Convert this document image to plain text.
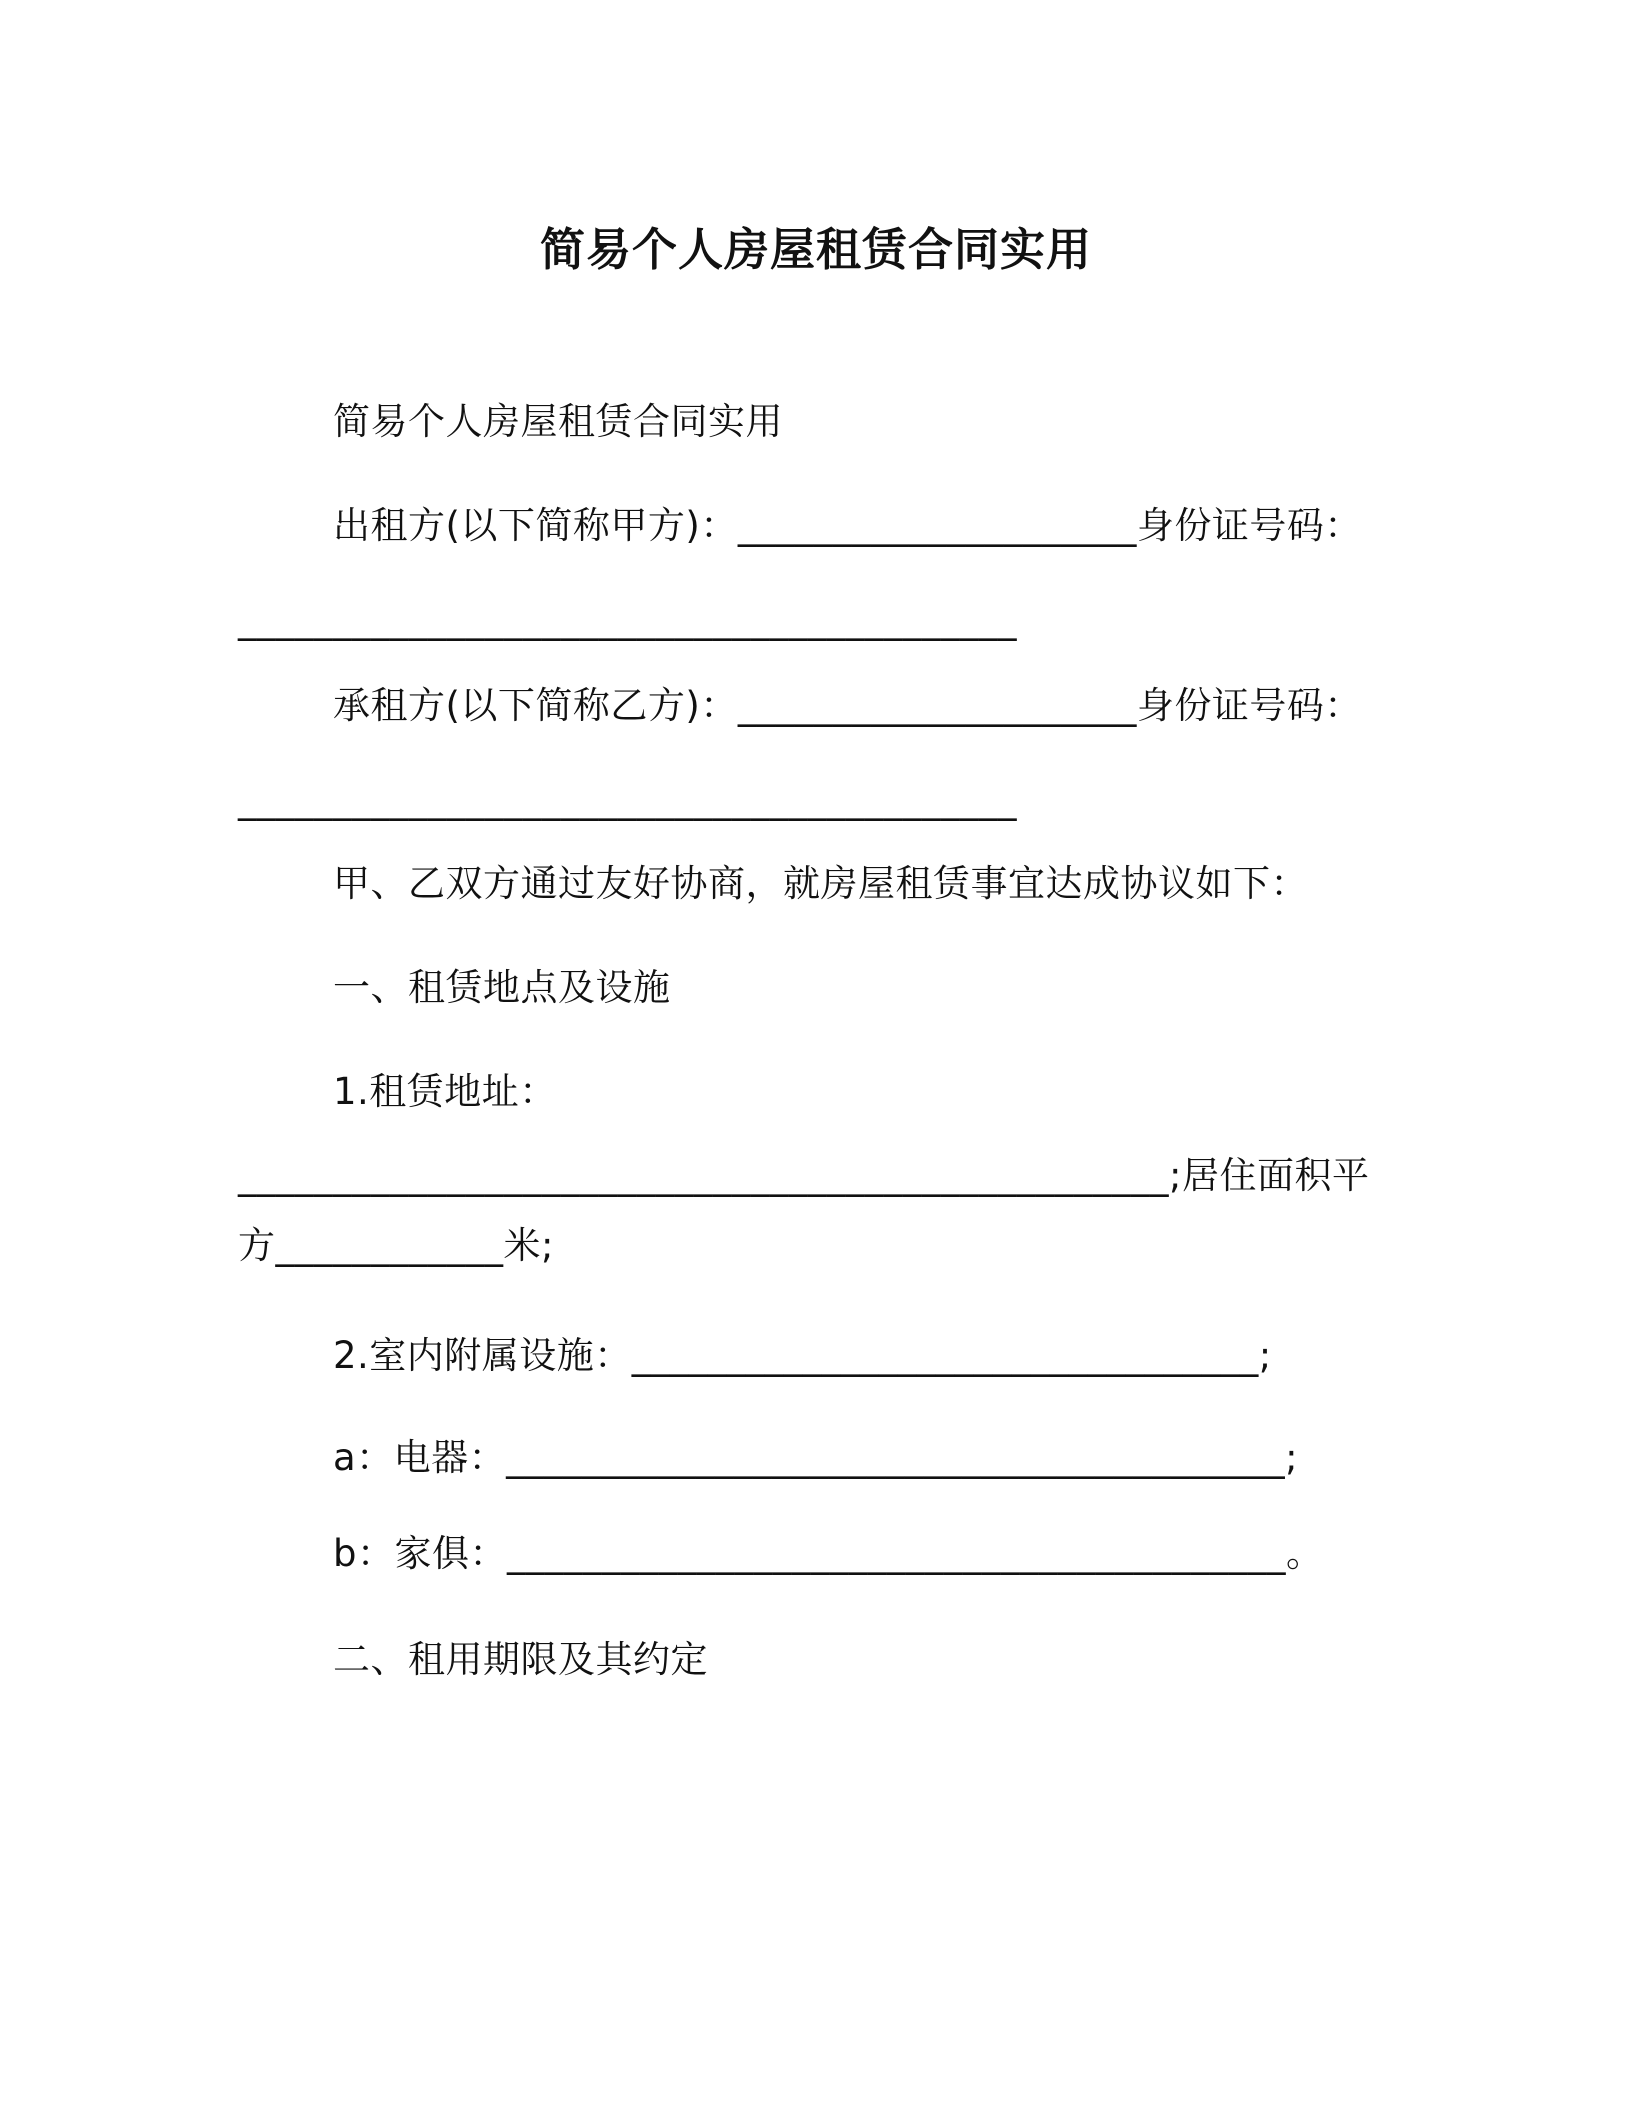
简易个人房屋租赁合同实用
简易个人房屋租赁合同实用
出租方(以下简称甲方)：_____________________身份证号码：
_________________________________________
承租方(以下简称乙方)：_____________________身份证号码：
_________________________________________
甲、乙双方通过友好协商，就房屋租赁事宜达成协议如下：
一、租赁地点及设施
1.租赁地址：
_________________________________________________;居住面积平
方____________米;
2.室内附属设施：_________________________________;
a：电器：_________________________________________;
b：家俱：_________________________________________。
二、租用期限及其约定
